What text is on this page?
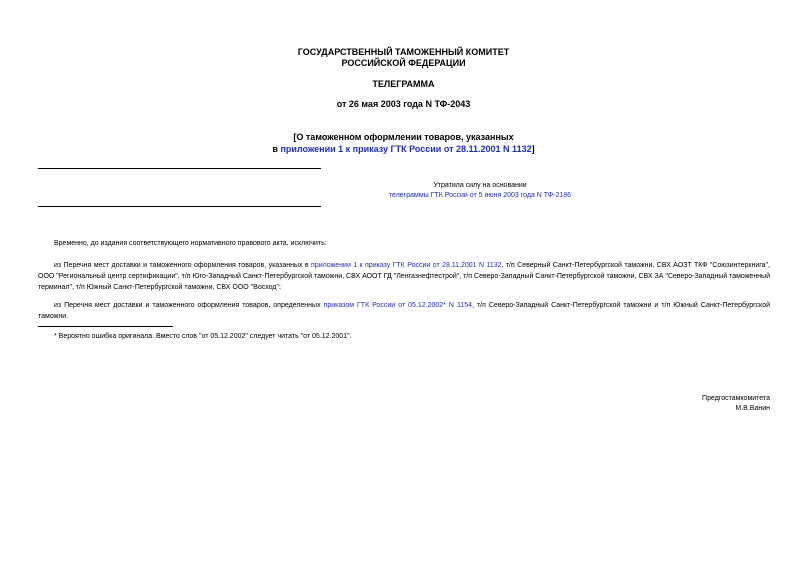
ГОСУДАРСТВЕННЫЙ ТАМОЖЕННЫЙ КОМИТЕТ
РОССИЙСКОЙ ФЕДЕРАЦИИ
ТЕЛЕГРАММА
от 26 мая 2003 года N ТФ-2043
[О таможенном оформлении товаров, указанных
в приложении 1 к приказу ГТК России от 28.11.2001 N 1132]
Утратила силу на основании
телеграммы ГТК России от 5 июня 2003 года N ТФ-2186
Временно, до издания соответствующего нормативного правового акта, исключить:
из Перечня мест доставки и таможенного оформления товаров, указанных в приложении 1 к приказу ГТК России от 28.11.2001 N 1132, т/п Северный Санкт-Петербургской таможни, СВХ АОЗТ ТКФ "Союзинтеркнига", ООО "Региональный центр сертификации", т/п Юго-Западный Санкт-Петербургской таможни, СВХ АООТ ГД "Ленгазнефтестрой", т/п Северо-Западный Санкт-Петербургской таможни, СВХ ЗА "Северо-Западный таможенный терминал", т/п Южный Санкт-Петербургской таможни, СВХ ООО "Восход";
из Перечня мест доставки и таможенного оформления товаров, определенных приказом ГТК России от 05.12.2002* N 1154, т/п Северо-Западный Санкт-Петербургской таможни и т/п Южный Санкт-Петербургской таможни.
* Вероятно ошибка оригинала. Вместо слов "от 05.12.2002" следует читать "от 05.12.2001".
Предгостамкомитета
М.В.Ванин
